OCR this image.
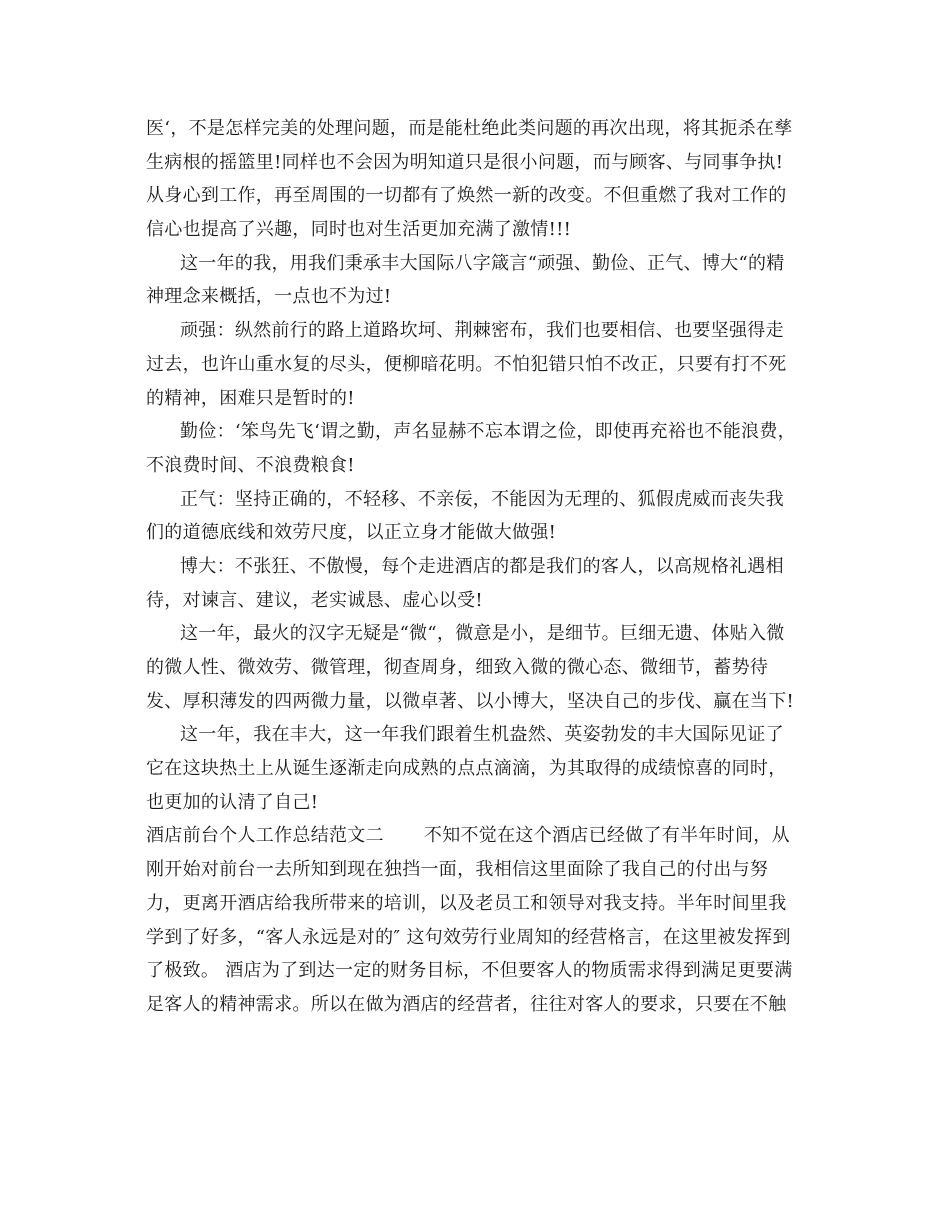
医‘，不是怎样完美的处理问题，而是能杜绝此类问题的再次出现，将其扼杀在孳
生病根的摇篮里!同样也不会因为明知道只是很小问题，而与顾客、与同事争执!
从身心到工作，再至周围的一切都有了焕然一新的改变。不但重燃了我对工作的
信心也提高了兴趣，同时也对生活更加充满了激情!!!
这一年的我，用我们秉承丰大国际八字箴言“顽强、勤俭、正气、博大“的精
神理念来概括，一点也不为过!
顽强：纵然前行的路上道路坎坷、荆棘密布，我们也要相信、也要坚强得走
过去，也许山重水复的尽头，便柳暗花明。不怕犯错只怕不改正，只要有打不死
的精神，困难只是暂时的!
勤俭：‘笨鸟先飞‘谓之勤，声名显赫不忘本谓之俭，即使再充裕也不能浪费，
不浪费时间、不浪费粮食!
正气：坚持正确的，不轻移、不亲佞，不能因为无理的、狐假虎威而丧失我
们的道德底线和效劳尺度，以正立身才能做大做强!
博大：不张狂、不傲慢，每个走进酒店的都是我们的客人，以高规格礼遇相
待，对谏言、建议，老实诚恳、虚心以受!
这一年，最火的汉字无疑是“微“，微意是小，是细节。巨细无遗、体贴入微
的微人性、微效劳、微管理，彻查周身，细致入微的微心态、微细节，蓄势待
发、厚积薄发的四两微力量，以微卓著、以小博大，坚决自己的步伐、赢在当下!
这一年，我在丰大，这一年我们跟着生机盎然、英姿勃发的丰大国际见证了
它在这块热土上从诞生逐渐走向成熟的点点滴滴，为其取得的成绩惊喜的同时，
也更加的认清了自己!
酒店前台个人工作总结范文二 不知不觉在这个酒店已经做了有半年时间，从
刚开始对前台一去所知到现在独挡一面，我相信这里面除了我自己的付出与努
力，更离开酒店给我所带来的培训，以及老员工和领导对我支持。半年时间里我
学到了好多，“客人永远是对的″ 这句效劳行业周知的经营格言，在这里被发挥到
了极致。 酒店为了到达一定的财务目标，不但要客人的物质需求得到满足更要满
足客人的精神需求。所以在做为酒店的经营者，往往对客人的要求，只要在不触
